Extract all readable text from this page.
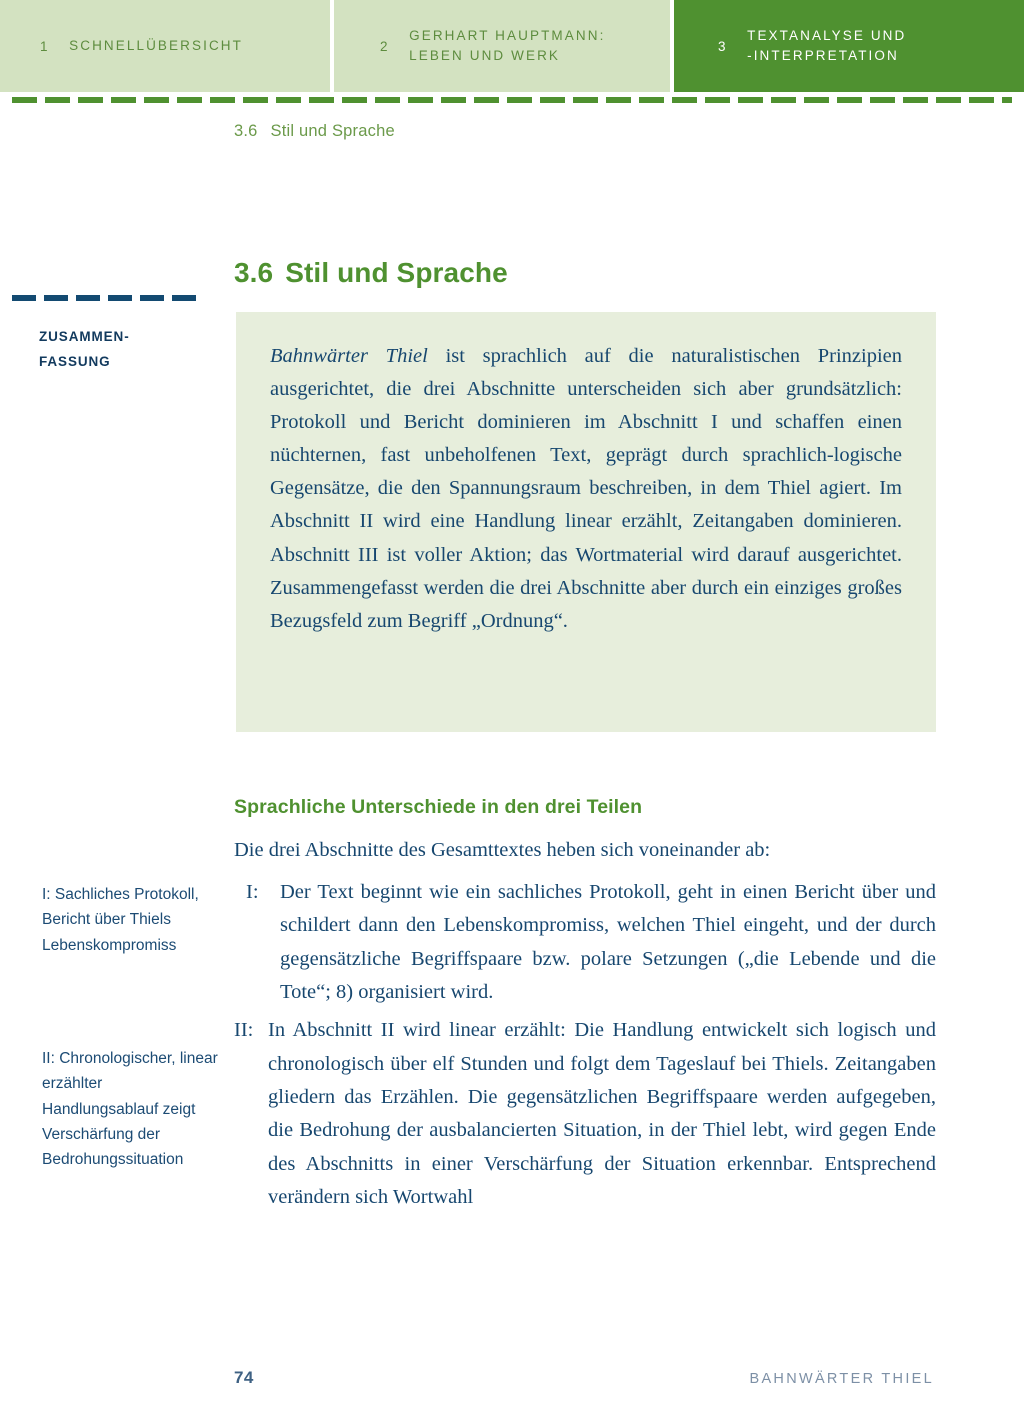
1 SCHNELLÜBERSICHT	2
GERHART HAUPTMANN:
LEBEN UND WERK
3
TEXTANALYSE UND
-INTERPRETATION
3.6 Stil und Sprache
3.6 Stil und Sprache
ZUSAMMEN-
FASSUNG
I: Sachliches Protokoll, Bericht über Thiels Lebenskompromiss
II: Chronologischer, linear erzählter Handlungsablauf zeigt Verschärfung der Bedrohungssituation

Bahnwärter Thiel ist sprachlich auf die naturalistischen Prinzipien ausgerichtet, die drei Abschnitte unterscheiden sich aber grundsätzlich: Protokoll und Bericht dominieren im Abschnitt I und schaffen einen nüchternen, fast unbeholfenen Text, geprägt durch sprachlich-logische Gegensätze, die den Spannungsraum beschreiben, in dem Thiel agiert. Im Abschnitt II wird eine Handlung linear erzählt, Zeitangaben dominieren. Abschnitt III ist voller Aktion; das Wortmaterial wird darauf ausgerichtet. Zusammengefasst werden die drei Abschnitte aber durch ein einziges großes Bezugsfeld zum Begriff „Ordnung“.

Sprachliche Unterschiede in den drei Teilen

Die drei Abschnitte des Gesamttextes heben sich voneinander ab:

I:	Der Text beginnt wie ein sachliches Protokoll, geht in einen Bericht über und schildert dann den Lebenskompromiss, welchen Thiel eingeht, und der durch gegensätzliche Begriffspaare bzw. polare Setzungen („die Lebende und die Tote“; 8) organisiert wird.
II: In Abschnitt II wird linear erzählt: Die Handlung entwickelt sich logisch und chronologisch über elf Stunden und folgt dem Tageslauf bei Thiels. Zeitangaben gliedern das Erzählen. Die gegensätzlichen Begriffspaare werden aufgegeben, die Bedrohung der ausbalancierten Situation, in der Thiel lebt, wird gegen Ende des Abschnitts in einer Verschärfung der Situation erkennbar. Entsprechend verändern sich Wortwahl
74	BAHNWÄRTER THIEL
